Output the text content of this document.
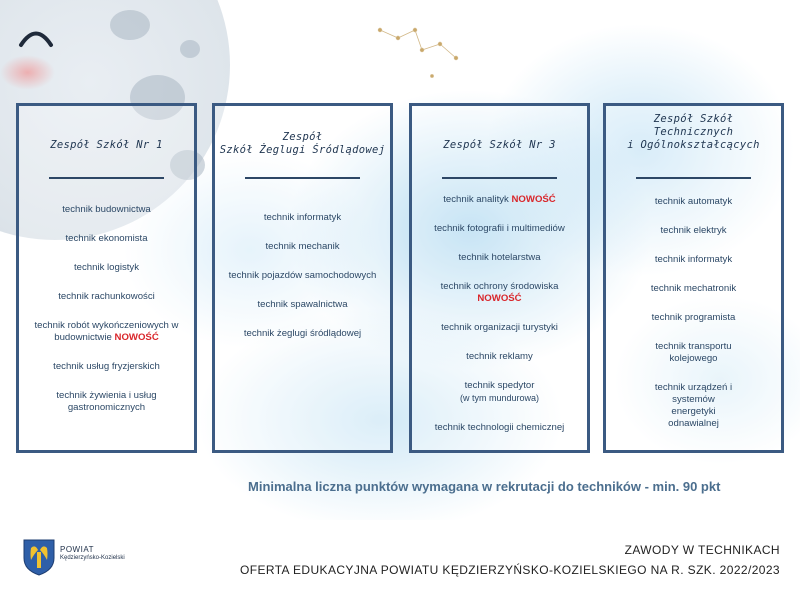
Zespół Szkół Nr 1
technik budownictwa
technik ekonomista
technik logistyk
technik rachunkowości
technik robót wykończeniowych w budownictwie NOWOŚĆ
technik usług fryzjerskich
technik żywienia i usług gastronomicznych
Zespół
Szkół Żeglugi Śródlądowej
technik informatyk
technik mechanik
technik pojazdów samochodowych
technik spawalnictwa
technik żeglugi śródlądowej
Zespół Szkół Nr 3
technik analityk NOWOŚĆ
technik fotografii i multimediów
technik hotelarstwa
technik ochrony środowiska
NOWOŚĆ
technik organizacji turystyki
technik reklamy
technik spedytor
(w tym mundurowa)
technik technologii chemicznej
Zespół Szkół
Technicznych
i Ogólnokształcących
technik automatyk
technik elektryk
technik informatyk
technik mechatronik
technik programista
technik transportu kolejowego
technik urządzeń i systemów energetyki odnawialnej
Minimalna liczna punktów wymagana w rekrutacji do techników - min. 90 pkt
POWIAT
Kędzierzyńsko-Kozielski
ZAWODY W TECHNIKACH
OFERTA EDUKACYJNA POWIATU KĘDZIERZYŃSKO-KOZIELSKIEGO NA R. SZK. 2022/2023
